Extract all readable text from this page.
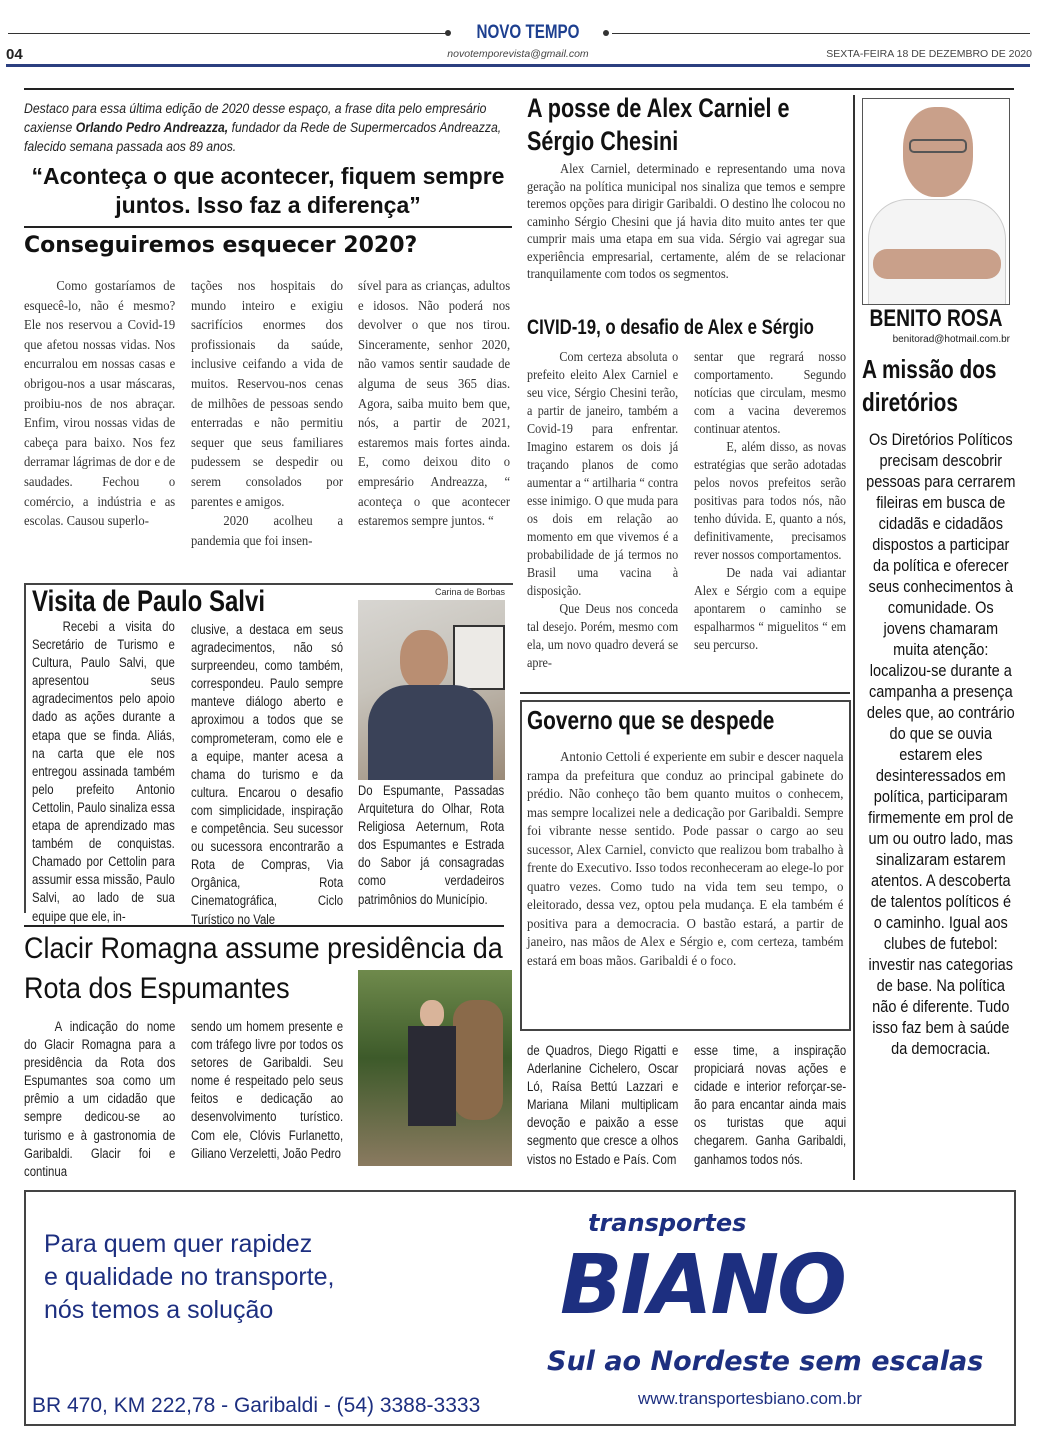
NOVO TEMPO
04	novotemporevista@gmail.com	SEXTA-FEIRA 18 DE DEZEMBRO DE 2020
Destaco para essa última edição de 2020 desse espaço, a frase dita pelo empresário caxiense Orlando Pedro Andreazza, fundador da Rede de Supermercados Andreazza, falecido semana passada aos 89 anos.
“Aconteça o que acontecer, fiquem sempre juntos. Isso faz a diferença”
Conseguiremos esquecer 2020?
Como gostaríamos de esquecê-lo, não é mesmo? Ele nos reservou a Covid-19 que afetou nossas vidas. Nos encurralou em nossas casas e obrigou-nos a usar máscaras, proibiu-nos de nos abraçar. Enfim, virou nossas vidas de cabeça para baixo. Nos fez derramar lágrimas de dor e de saudades. Fechou o comércio, a indústria e as escolas. Causou superlo-

tações nos hospitais do mundo inteiro e exigiu sacrifícios enormes dos profissionais da saúde, inclusive ceifando a vida de muitos. Reservou-nos cenas de milhões de pessoas sendo enterradas e não permitiu sequer que seus familiares pudessem se despedir ou serem consolados por parentes e amigos.

2020 acolheu a pandemia que foi insen-

sível para as crianças, adultos e idosos. Não poderá nos devolver o que nos tirou. Sinceramente, senhor 2020, não vamos sentir saudade de alguma de seus 365 dias. Agora, saiba muito bem que, nós, a partir de 2021, estaremos mais fortes ainda. E, como deixou dito o empresário Andreazza, “ aconteça o que acontecer estaremos sempre juntos. “
Visita de Paulo Salvi	Carina de Borbas
Recebi a visita do Secretário de Turismo e Cultura, Paulo Salvi, que apresentou seus agradecimentos pelo apoio dado as ações durante a etapa que se finda. Aliás, na carta que ele nos entregou assinada também pelo prefeito Antonio Cettolin, Paulo sinaliza essa etapa de aprendizado mas também de conquistas. Chamado por Cettolin para assumir essa missão, Paulo Salvi, ao lado de sua equipe que ele, in-
clusive, a destaca em seus agradecimentos, não só surpreendeu, como também, correspondeu. Paulo sempre manteve diálogo aberto e aproximou a todos que se comprometeram, como ele e a equipe, manter acesa a chama do turismo e da cultura. Encarou o desafio com simplicidade, inspiração e competência. Seu sucessor ou sucessora encontrarão a Rota de Compras, Via Orgânica, Rota Cinematográfica, Ciclo Turístico no Vale
Do Espumante, Passadas Arquitetura do Olhar, Rota Religiosa Aeternum, Rota dos Espumantes e Estrada do Sabor já consagradas como verdadeiros patrimônios do Município.
Clacir Romagna assume presidência da Rota dos Espumantes
A indicação do nome do Glacir Romagna para a presidência da Rota dos Espumantes soa como um prêmio a um cidadão que sempre dedicou-se ao turismo e à gastronomia de Garibaldi. Glacir foi e continua
sendo um homem presente e com tráfego livre por todos os setores de Garibaldi. Seu nome é respeitado pelo seus feitos e dedicação ao desenvolvimento turístico. Com ele, Clóvis Furlanetto, Giliano Verzeletti, João Pedro
de Quadros, Diego Rigatti e Aderlanine Cichelero, Oscar Ló, Raísa Bettú Lazzari e Mariana Milani multiplicam devoção e paixão a esse segmento que cresce a olhos vistos no Estado e País. Com
esse time, a inspiração propiciará novas ações e cidade e interior reforçar-se-ão para encantar ainda mais os turistas que aqui chegarem. Ganha Garibaldi, ganhamos todos nós.
A posse de Alex Carniel e Sérgio Chesini
Alex Carniel, determinado e representando uma nova geração na política municipal nos sinaliza que temos e sempre teremos opções para dirigir Garibaldi. O destino lhe colocou no caminho Sérgio Chesini que já havia dito muito antes ter que cumprir mais uma etapa em sua vida. Sérgio vai agregar sua experiência empresarial, certamente, além de se relacionar tranquilamente com todos os segmentos.
CIVID-19, o desafio de Alex e Sérgio

Com certeza absoluta o prefeito eleito Alex Carniel e seu vice, Sérgio Chesini terão, a partir de janeiro, também a Covid-19 para enfrentar. Imagino estarem os dois já traçando planos de como aumentar a “ artilharia “ contra esse inimigo. O que muda para os dois em relação ao momento em que vivemos é a probabilidade de já termos no Brasil uma vacina à disposição.

Que Deus nos conceda tal desejo. Porém, mesmo com ela, um novo quadro deverá se apre-

sentar que regrará nosso comportamento. Segundo notícias que circulam, mesmo com a vacina deveremos continuar atentos.

E, além disso, as novas estratégias que serão adotadas pelos novos prefeitos serão positivas para todos nós, não tenho dúvida. E, quanto a nós, definitivamente, precisamos rever nossos comportamentos.

De nada vai adiantar Alex e Sérgio com a equipe apontarem o caminho se espalharmos “ miguelitos “ em seu percurso.

Governo que se despede
Antonio Cettoli é experiente em subir e descer naquela rampa da prefeitura que conduz ao principal gabinete do prédio. Não conheço tão bem quanto muitos o conhecem, mas sempre localizei nele a dedicação por Garibaldi. Sempre foi vibrante nesse sentido. Pode passar o cargo ao seu sucessor, Alex Carniel, convicto que realizou bom trabalho à frente do Executivo. Isso todos reconheceram ao elege-lo por quatro vezes. Como tudo na vida tem seu tempo, o eleitorado, dessa vez, optou pela mudança. E ela também é positiva para a democracia. O bastão estará, a partir de janeiro, nas mãos de Alex e Sérgio e, com certeza, também estará em boas mãos. Garibaldi é o foco.
BENITO ROSA
benitorad@hotmail.com.br
A missão dos diretórios
Os Diretórios Políticos precisam descobrir pessoas para cerrarem fileiras em busca de cidadãs e cidadãos dispostos a participar da política e oferecer seus conhecimentos à comunidade. Os jovens chamaram muita atenção: localizou-se durante a campanha a presença deles que, ao contrário do que se ouvia estarem eles desinteressados em política, participaram firmemente em prol de um ou outro lado, mas sinalizaram estarem atentos. A descoberta de talentos políticos é o caminho. Igual aos clubes de futebol: investir nas categorias de base. Na política não é diferente. Tudo isso faz bem à saúde da democracia.
Para quem quer rapidez
e qualidade no transporte,
nós temos a solução
transportes
BIANO
Sul ao Nordeste sem escalas
www.transportesbiano.com.br
BR 470, KM 222,78 - Garibaldi - (54) 3388-3333
